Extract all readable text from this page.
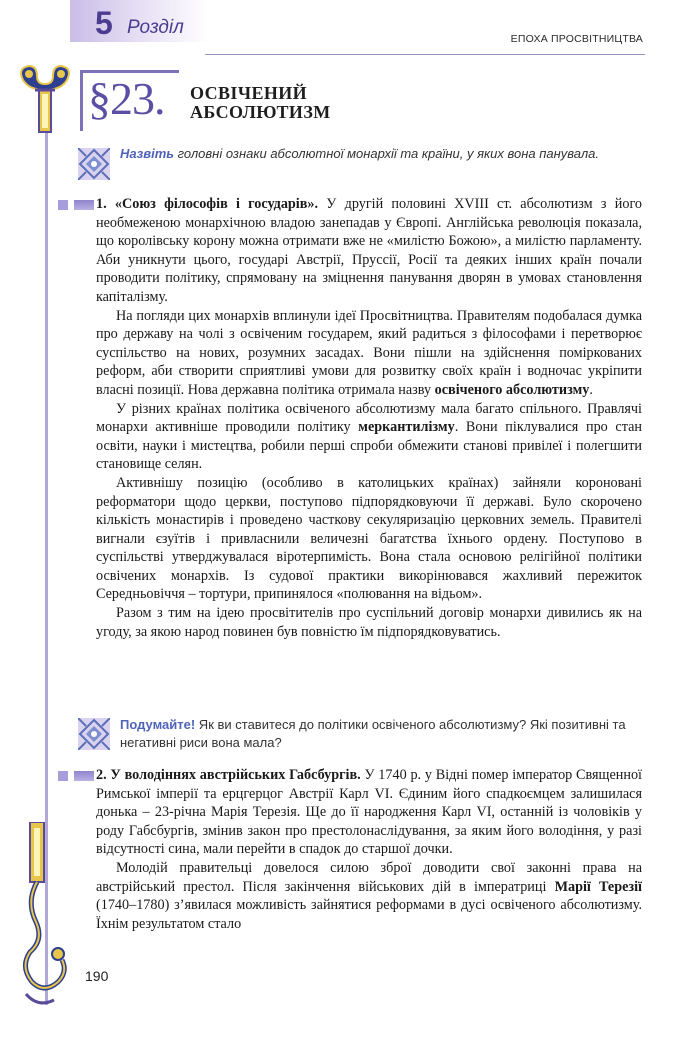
5 Розділ
ЕПОХА ПРОСВІТНИЦТВА
§23. ОСВІЧЕНИЙ
АБСОЛЮТИЗМ
Назвіть головні ознаки абсолютної монархії та країни, у яких вона панувала.

1. «Союз філософів і государів». У другій половині XVIII ст. абсолютизм з його необмеженою монархічною владою занепадав у Європі. Англійська революція показала, що королівську корону можна отримати вже не «милістю Божою», а милістю парламенту. Аби уникнути цього, государі Австрії, Пруссії, Росії та деяких інших країн почали проводити політику, спрямовану на зміцнення панування дворян в умовах становлення капіталізму.

На погляди цих монархів вплинули ідеї Просвітництва. Правителям подобалася думка про державу на чолі з освіченим государем, який радиться з філософами і перетворює суспільство на нових, розумних засадах. Вони пішли на здійснення поміркованих реформ, аби створити сприятливі умови для розвитку своїх країн і водночас укріпити власні позиції. Нова державна політика отримала назву освіченого абсолютизму.

У різних країнах політика освіченого абсолютизму мала багато спільного. Правлячі монархи активніше проводили політику меркантилізму. Вони піклувалися про стан освіти, науки і мистецтва, робили перші спроби обмежити станові привілеї і полегшити становище селян.

Активнішу позицію (особливо в католицьких країнах) зайняли короновані реформатори щодо церкви, поступово підпорядковуючи її державі. Було скорочено кількість монастирів і проведено часткову секуляризацію церковних земель. Правителі вигнали єзуїтів і привласнили величезні багатства їхнього ордену. Поступово в суспільстві утверджувалася віротерпимість. Вона стала основою релігійної політики освічених монархів. Із судової практики викорінювався жахливий пережиток Середньовіччя – тортури, припинялося «полювання на відьом».

Разом з тим на ідею просвітителів про суспільний договір монархи дивились як на угоду, за якою народ повинен був повністю їм підпорядковуватись.

Подумайте! Як ви ставитеся до політики освіченого абсолютизму? Які позитивні та негативні риси вона мала?

2. У володіннях австрійських Габсбургів. У 1740 р. у Відні помер імператор Священної Римської імперії та ерцгерцог Австрії Карл VI. Єдиним його спадкоємцем залишилася донька – 23-річна Марія Терезія. Ще до її народження Карл VI, останній із чоловіків у роду Габсбургів, змінив закон про престолонаслідування, за яким його володіння, у разі відсутності сина, мали перейти в спадок до старшої дочки.

Молодій правительці довелося силою зброї доводити свої законні права на австрійський престол. Після закінчення військових дій в імператриці Марії Терезії (1740–1780) з’явилася можливість зайнятися реформами в дусі освіченого абсолютизму. Їхнім результатом стало

190
